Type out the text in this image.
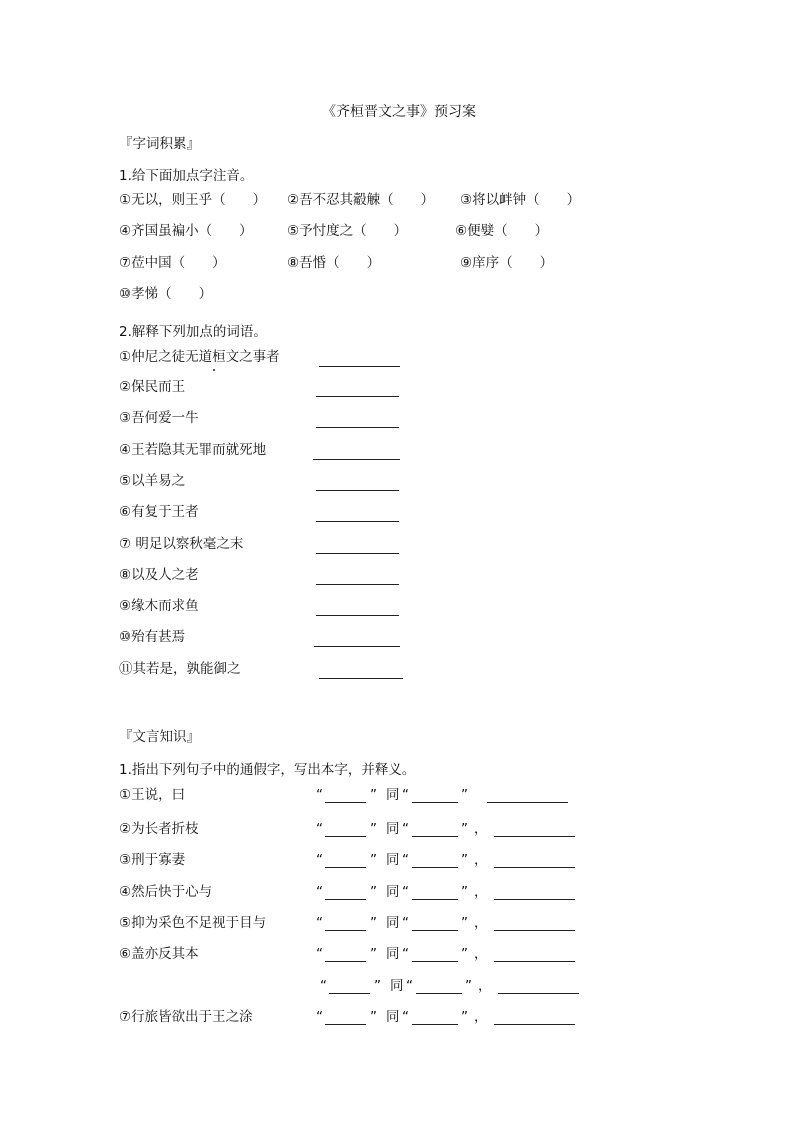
《齐桓晋文之事》预习案
『字词积累』
1.给下面加点字注音。
①无以，则王乎（　　） ②吾不忍其觳觫（　　） ③将以衅钟（　　）
④齐国虽褊小（　　）	⑤予忖度之（　　）	⑥便嬖（　　）
⑦莅中国（　　）	⑧吾惛（　　）	⑨庠序（　　）
⑩孝悌（　　）
2.解释下列加点的词语。
①仲尼之徒无道桓文之事者
②保民而王
③吾何爱一牛
④王若隐其无罪而就死地
⑤以羊易之
⑥有复于王者
⑦ 明足以察秋毫之末
⑧以及人之老
⑨缘木而求鱼
⑩殆有甚焉
⑪其若是，孰能御之
『文言知识』
1.指出下列句子中的通假字，写出本字，并释义。
①王说，曰	“	” 同 “	”
②为长者折枝	“	” 同 “	” ，
③刑于寡妻	“	” 同 “	” ，
④然后快于心与	“	” 同 “	” ，
⑤抑为采色不足视于目与	“	” 同 “	” ，
⑥盖亦反其本	“	” 同 “	” ，
“	” 同 “	” ，
⑦行旅皆欲出于王之涂	“	” 同 “	” ，
